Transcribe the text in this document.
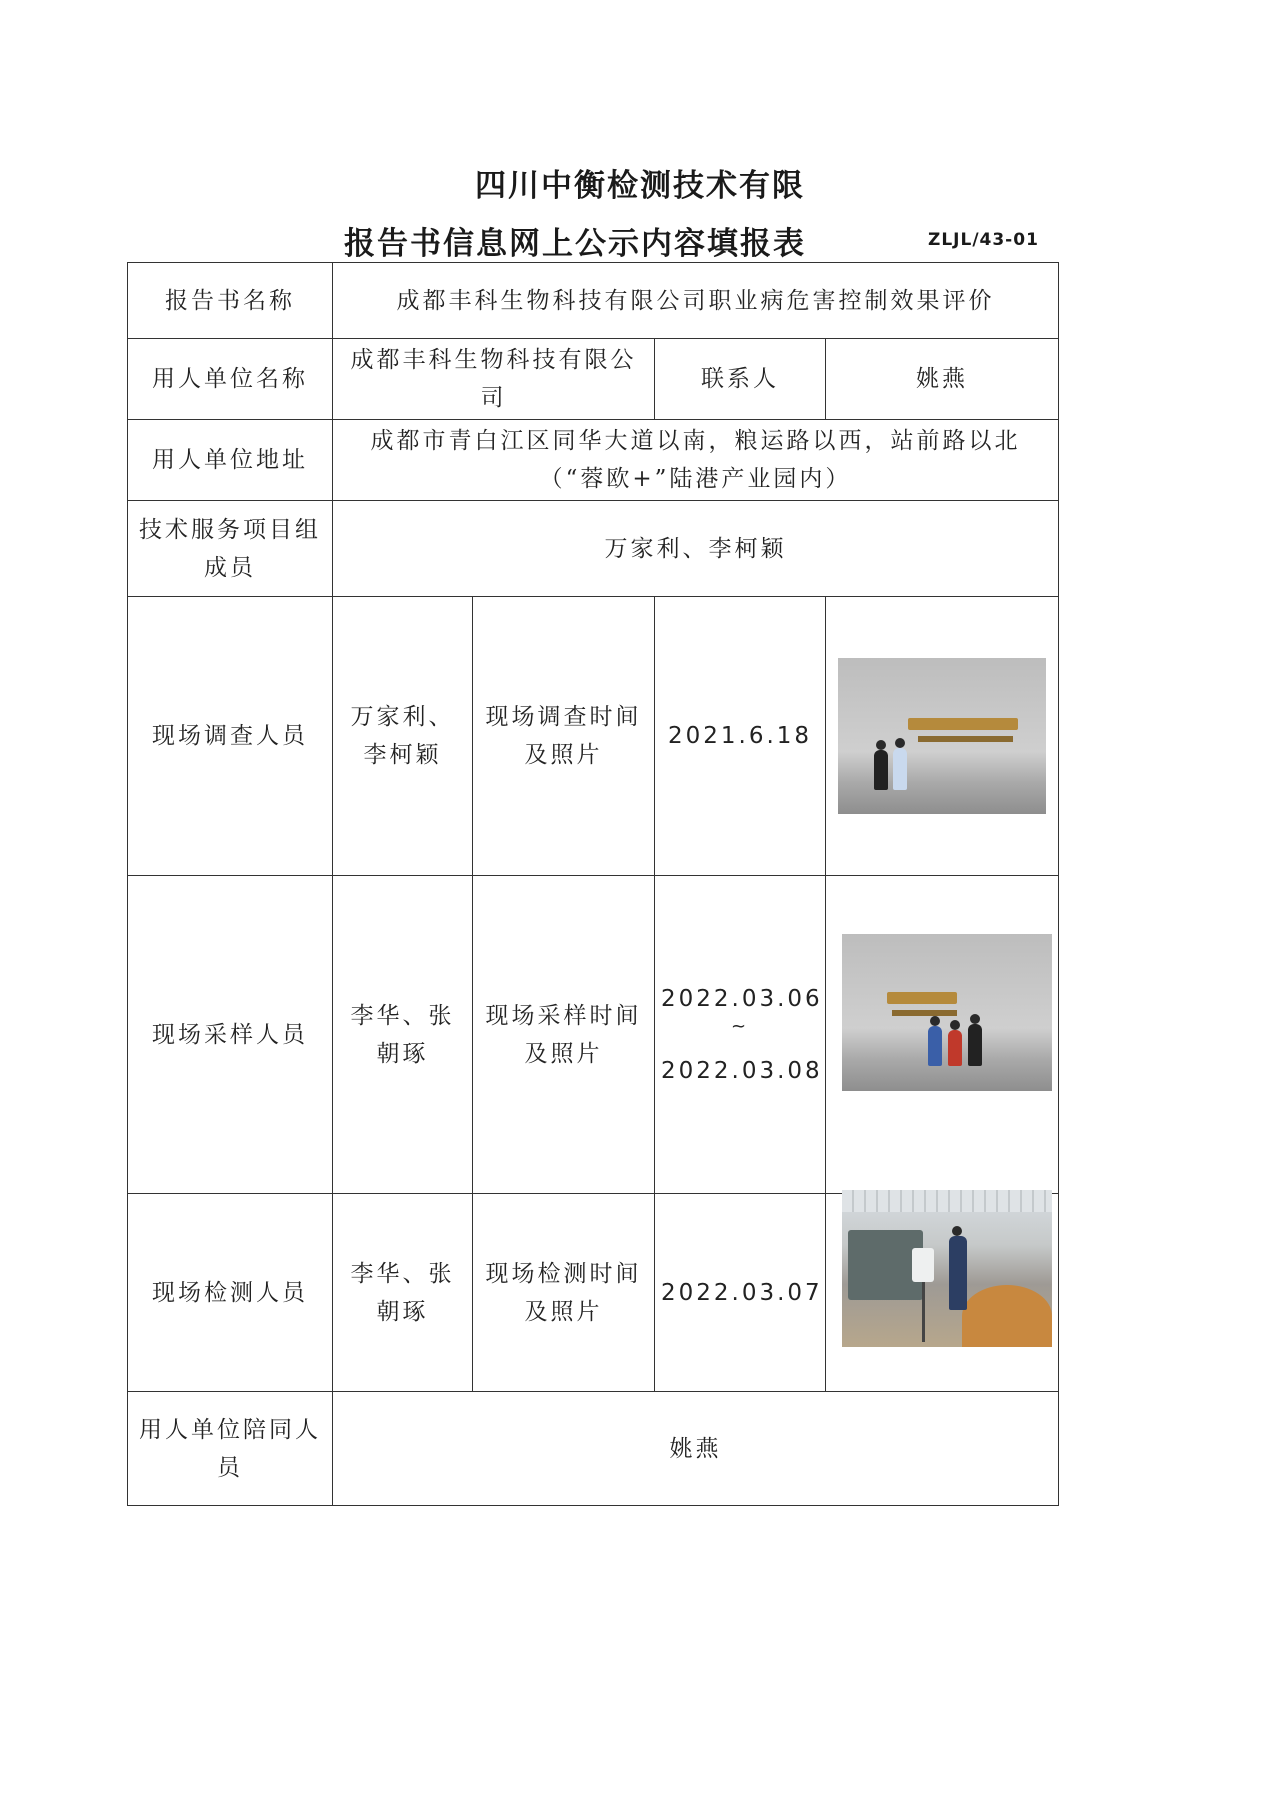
四川中衡检测技术有限
报告书信息网上公示内容填报表	ZLJL/43-01
报告书名称	成都丰科生物科技有限公司职业病危害控制效果评价			
用人单位名称	成都丰科生物科技有限公司		联系人	姚燕
用人单位地址	成都市青白江区同华大道以南，粮运路以西，站前路以北
（“蓉欧+”陆港产业园内）			

技术服务项目组成员	万家利、李柯颖			
现场调查人员	万家利、李柯颖	现场调查时间及照片	2021.6.18	

现场采样人员	李华、张朝琢	现场采样时间及照片	2022.03.06
~
2022.03.08	

现场检测人员	李华、张朝琢	现场检测时间及照片	2022.03.07	

用人单位陪同人员	姚燕			
